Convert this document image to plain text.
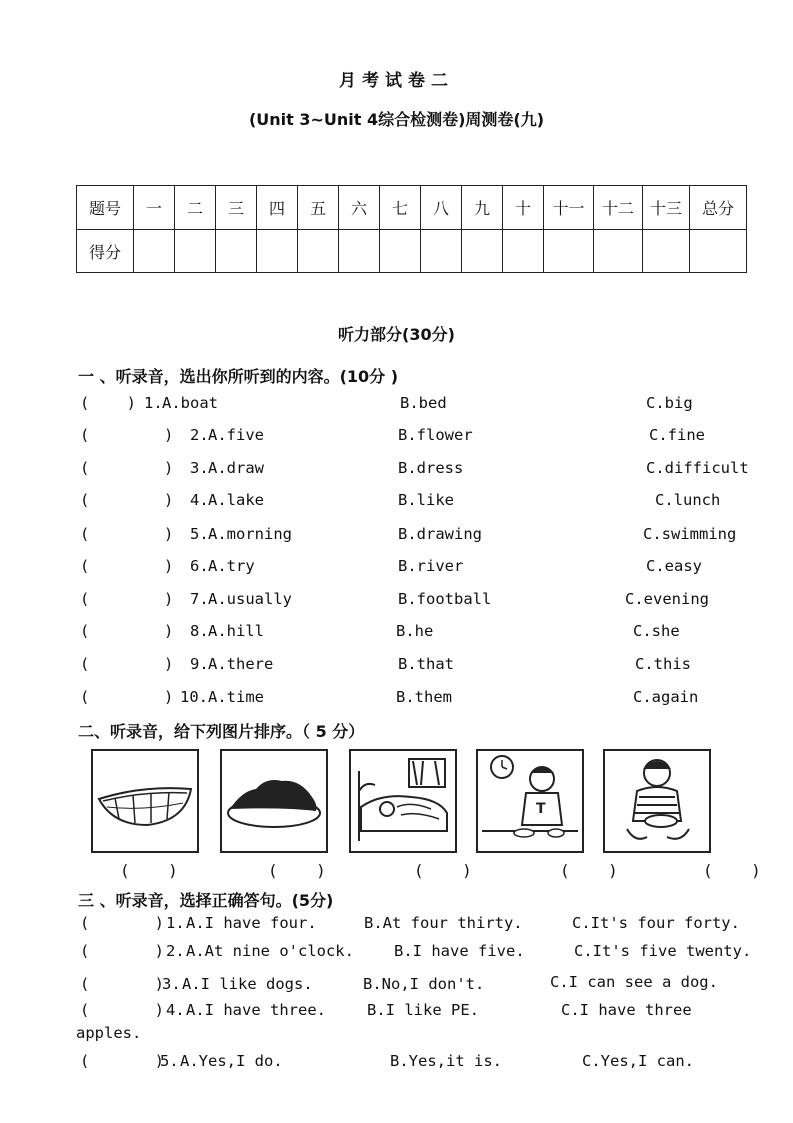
月考试卷二
(Unit 3~Unit 4综合检测卷)周测卷(九)
题号	一	二	三	四	五	六	七	八	九	十	十一	十二	十三	总分
得分														
听力部分(30分)
一 、听录音，选出你所听到的内容。(10分 )
(    ) 1. A.boat	B.bed	C.big
(        ) 2. A.five	B.flower	C.fine
(        ) 3. A.draw	B.dress	C.difficult
(        ) 4. A.lake	B.like	C.lunch
(        ) 5. A.morning	B.drawing	C.swimming
(        ) 6. A.try	B.river	C.easy
(        ) 7. A.usually	B.football	C.evening
(        ) 8. A.hill	B.he	C.she
(        ) 9. A.there	B.that	C.this
(        ) 10. A.time	B.them	C.again
二、听录音，给下列图片排序。（ 5 分）
T
(    )	(    )	(    )	(    )	(    )
三 、听录音，选择正确答句。(5分)
(       ) 1. A.I have four.	B.At four thirty.	C.It's four forty.
(       ) 2. A.At nine o'clock.	B.I have five.	C.It's five twenty.
(       )
3. A.I like dogs.	B.No,I don't.	C.I can see a dog.
(       ) 4. A.I have three.	B.I like PE.	C.I have three
apples.
(       )
5. A.Yes,I do.	B.Yes,it is.	C.Yes,I can.
